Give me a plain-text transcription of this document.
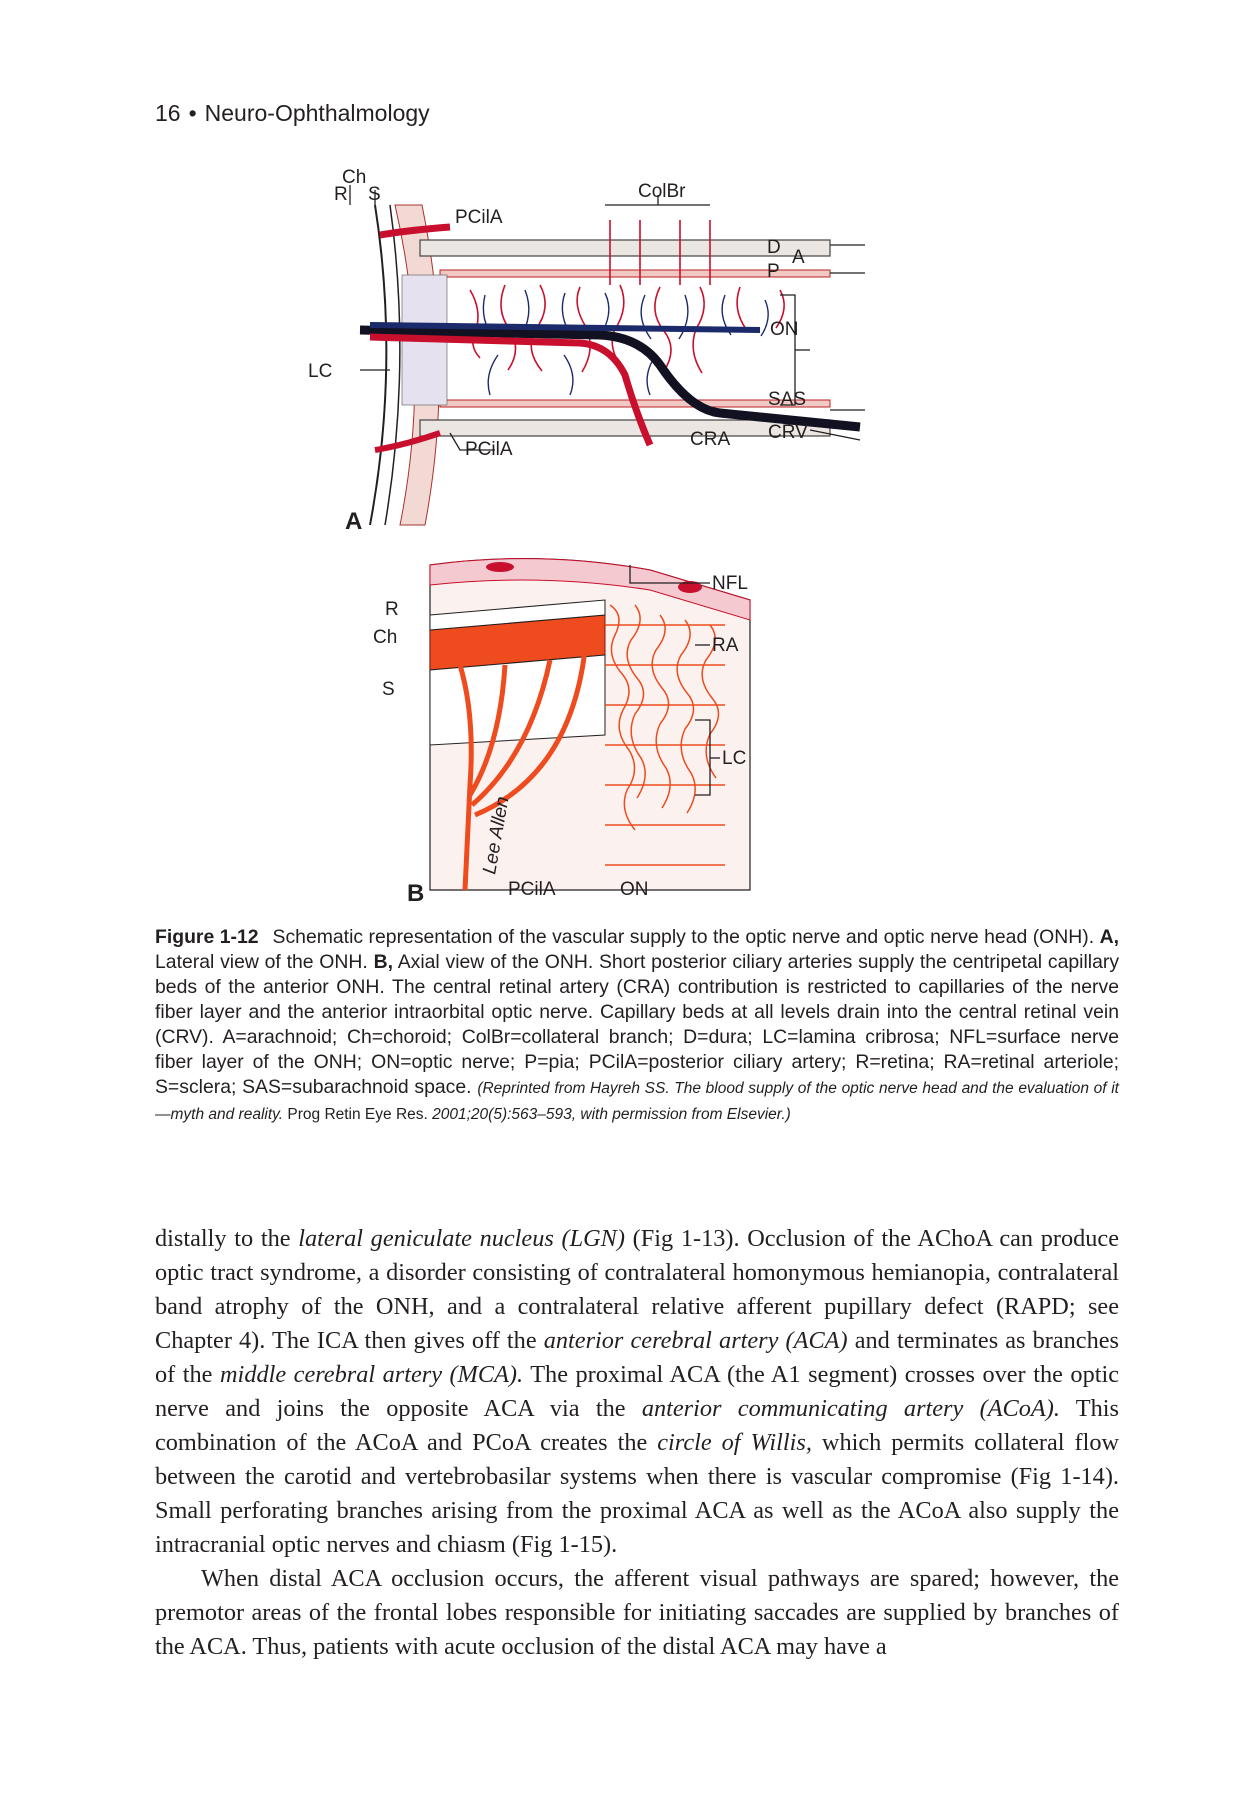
16 • Neuro-Ophthalmology
A
Ch
R S	ColBr
PCilA
D A
P
ON
LC
SAS
CRV
CRA
PCilA
B
NFL
RA
LC
R
Ch
S
PCilA	ON
Lee Allen
Figure 1-12 Schematic representation of the vascular supply to the optic nerve and optic nerve head (ONH). A, Lateral view of the ONH. B, Axial view of the ONH. Short posterior ciliary arteries supply the centripetal capillary beds of the anterior ONH. The central retinal artery (CRA) contribution is restricted to capillaries of the nerve fiber layer and the anterior intraorbital optic nerve. Capillary beds at all levels drain into the central retinal vein (CRV). A=arachnoid; Ch=choroid; ColBr=collateral branch; D=dura; LC=lamina cribrosa; NFL=surface nerve fiber layer of the ONH; ON=optic nerve; P=pia; PCilA=posterior ciliary artery; R=retina; RA=retinal arteriole; S=sclera; SAS=subarachnoid space. (Reprinted from Hayreh SS. The blood supply of the optic nerve head and the evaluation of it—myth and reality. Prog Retin Eye Res. 2001;20(5):563–593, with permission from Elsevier.)

distally to the lateral geniculate nucleus (LGN) (Fig 1-13). Occlusion of the AChoA can produce optic tract syndrome, a disorder consisting of contralateral homonymous hemianopia, contralateral band atrophy of the ONH, and a contralateral relative afferent pupillary defect (RAPD; see Chapter 4). The ICA then gives off the anterior cerebral artery (ACA) and terminates as branches of the middle cerebral artery (MCA). The proximal ACA (the A1 segment) crosses over the optic nerve and joins the opposite ACA via the anterior communicating artery (ACoA). This combination of the ACoA and PCoA creates the circle of Willis, which permits collateral flow between the carotid and vertebrobasilar systems when there is vascular compromise (Fig 1-14). Small perforating branches arising from the proximal ACA as well as the ACoA also supply the intracranial optic nerves and chiasm (Fig 1-15).

When distal ACA occlusion occurs, the afferent visual pathways are spared; however, the premotor areas of the frontal lobes responsible for initiating saccades are supplied by branches of the ACA. Thus, patients with acute occlusion of the distal ACA may have a
